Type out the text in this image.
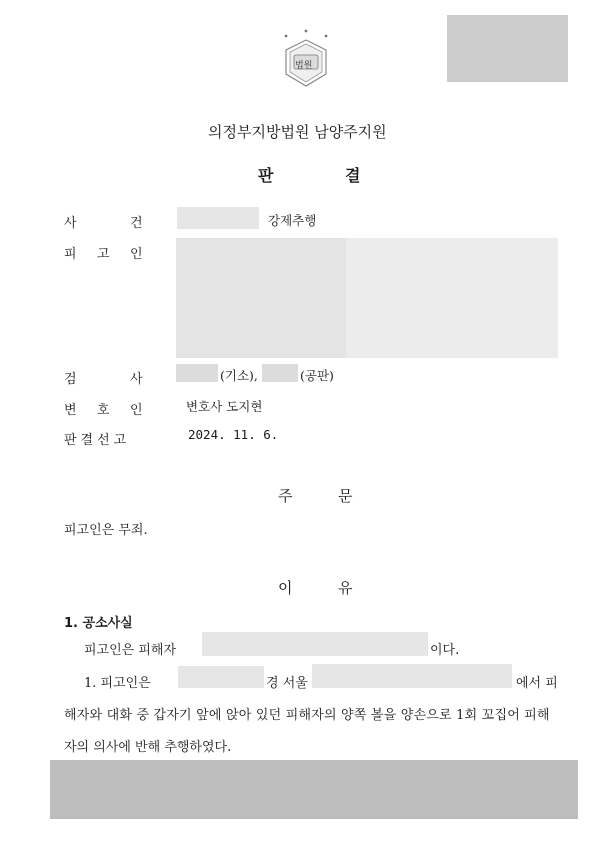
법원
의정부지방법원 남양주지원
판	결
사	건	강제추행
피 고 인
검	사	(기소),	(공판)
변 호 인	변호사 도지현
판결선고	2024. 11. 6.
주	문
피고인은 무죄.
이	유
1. 공소사실
피고인은 피해자	이다.
1. 피고인은	경 서울	에서 피
해자와 대화 중 갑자기 앞에 앉아 있던 피해자의 양쪽 볼을 양손으로 1회 꼬집어 피해
자의 의사에 반해 추행하였다.
